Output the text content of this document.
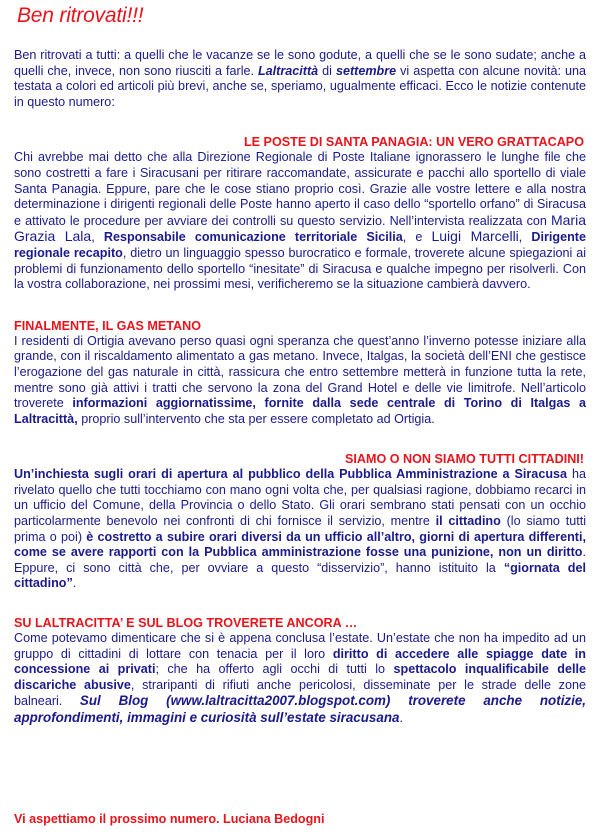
Ben ritrovati!!!

Ben ritrovati a tutti: a quelli che le vacanze se le sono godute, a quelli che se le sono sudate; anche a quelli che, invece, non sono riusciti a farle. Laltracittà di settembre vi aspetta con alcune novità: una testata a colori ed articoli più brevi, anche se, speriamo, ugualmente efficaci. Ecco le notizie contenute in questo numero:

LE POSTE DI SANTA PANAGIA: UN VERO GRATTACAPO

Chi avrebbe mai detto che alla Direzione Regionale di Poste Italiane ignorassero le lunghe file che sono costretti a fare i Siracusani per ritirare raccomandate, assicurate e pacchi allo sportello di viale Santa Panagia. Eppure, pare che le cose stiano proprio così. Grazie alle vostre lettere e alla nostra determinazione i dirigenti regionali delle Poste hanno aperto il caso dello “sportello orfano” di Siracusa e attivato le procedure per avviare dei controlli su questo servizio. Nell’intervista realizzata con Maria Grazia Lala, Responsabile comunicazione territoriale Sicilia, e Luigi Marcelli, Dirigente regionale recapito, dietro un linguaggio spesso burocratico e formale, troverete alcune spiegazioni ai problemi di funzionamento dello sportello “inesitate” di Siracusa e qualche impegno per risolverli. Con la vostra collaborazione, nei prossimi mesi, verificheremo se la situazione cambierà davvero.

FINALMENTE, IL GAS METANO

I residenti di Ortigia avevano perso quasi ogni speranza che quest’anno l’inverno potesse iniziare alla grande, con il riscaldamento alimentato a gas metano. Invece, Italgas, la società dell’ENI che gestisce l’erogazione del gas naturale in città, rassicura che entro settembre metterà in funzione tutta la rete, mentre sono già attivi i tratti che servono la zona del Grand Hotel e delle vie limitrofe. Nell’articolo troverete informazioni aggiornatissime, fornite dalla sede centrale di Torino di Italgas a Laltracittà, proprio sull’intervento che sta per essere completato ad Ortigia.

SIAMO O NON SIAMO TUTTI CITTADINI!

Un’inchiesta sugli orari di apertura al pubblico della Pubblica Amministrazione a Siracusa ha rivelato quello che tutti tocchiamo con mano ogni volta che, per qualsiasi ragione, dobbiamo recarci in un ufficio del Comune, della Provincia o dello Stato. Gli orari sembrano stati pensati con un occhio particolarmente benevolo nei confronti di chi fornisce il servizio, mentre il cittadino (lo siamo tutti prima o poi) è costretto a subire orari diversi da un ufficio all’altro, giorni di apertura differenti, come se avere rapporti con la Pubblica amministrazione fosse una punizione, non un diritto. Eppure, ci sono città che, per ovviare a questo “disservizio”, hanno istituito la “giornata del cittadino”.

SU LALTRACITTA’ E SUL BLOG TROVERETE ANCORA …

Come potevamo dimenticare che si è appena conclusa l’estate. Un’estate che non ha impedito ad un gruppo di cittadini di lottare con tenacia per il loro diritto di accedere alle spiagge date in concessione ai privati; che ha offerto agli occhi di tutti lo spettacolo inqualificabile delle discariche abusive, straripanti di rifiuti anche pericolosi, disseminate per le strade delle zone balneari. Sul Blog (www.laltracitta2007.blogspot.com) troverete anche notizie, approfondimenti, immagini e curiosità sull’estate siracusana.

Vi aspettiamo il prossimo numero. Luciana Bedogni
